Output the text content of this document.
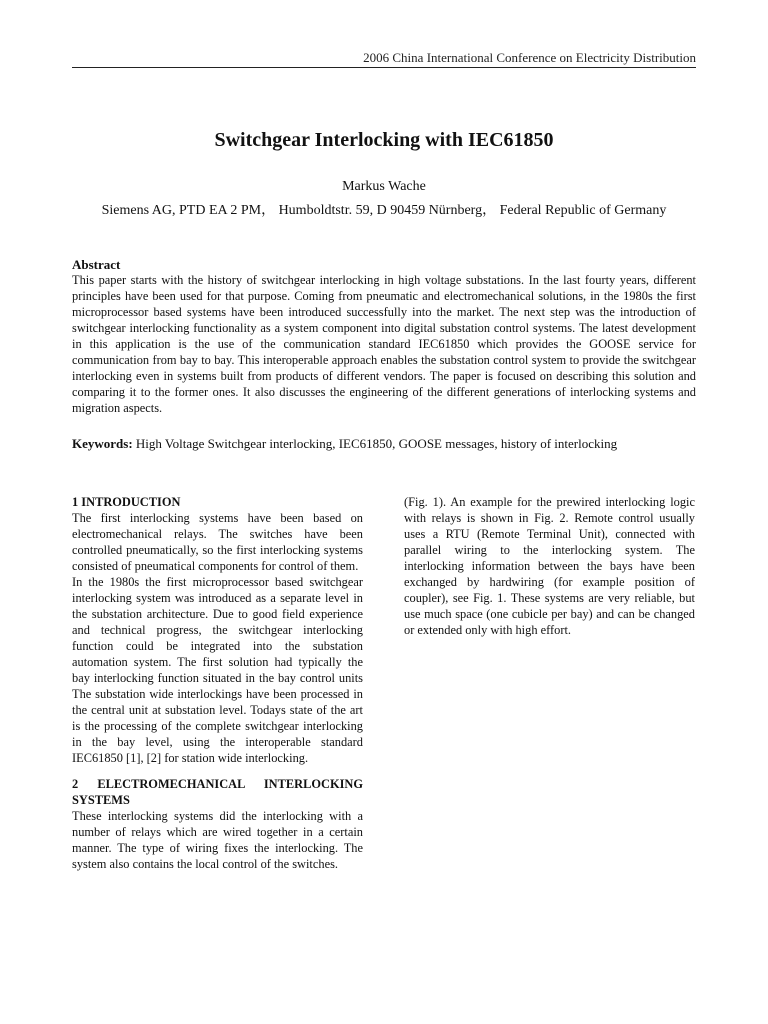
2006 China International Conference on Electricity Distribution
Switchgear Interlocking with IEC61850
Markus Wache
Siemens AG, PTD EA 2 PM， Humboldtstr. 59, D 90459 Nürnberg， Federal Republic of Germany
Abstract

This paper starts with the history of switchgear interlocking in high voltage substations. In the last fourty years, different principles have been used for that purpose. Coming from pneumatic and electromechanical solutions, in the 1980s the first microprocessor based systems have been introduced successfully into the market. The next step was the introduction of switchgear interlocking functionality as a system component into digital substation control systems. The latest development in this application is the use of the communication standard IEC61850 which provides the GOOSE service for communication from bay to bay. This interoperable approach enables the substation control system to provide the switchgear interlocking even in systems built from products of different vendors. The paper is focused on describing this solution and comparing it to the former ones. It also discusses the engineering of the different generations of interlocking systems and migration aspects.

Keywords: High Voltage Switchgear interlocking, IEC61850, GOOSE messages, history of interlocking

1 INTRODUCTION

The first interlocking systems have been based on electromechanical relays. The switches have been controlled pneumatically, so the first interlocking systems consisted of pneumatical components for control of them.

In the 1980s the first microprocessor based switchgear interlocking system was introduced as a separate level in the substation architecture. Due to good field experience and technical progress, the switchgear interlocking function could be integrated into the substation automation system. The first solution had typically the bay interlocking function situated in the bay control units The substation wide interlockings have been processed in the central unit at substation level. Todays state of the art is the processing of the complete switchgear interlocking in the bay level, using the interoperable standard IEC61850 [1], [2] for station wide interlocking.

2 ELECTROMECHANICAL INTERLOCKING SYSTEMS

These interlocking systems did the interlocking with a number of relays which are wired together in a certain manner. The type of wiring fixes the interlocking. The system also contains the local control of the switches.

(Fig. 1). An example for the prewired interlocking logic with relays is shown in Fig. 2. Remote control usually uses a RTU (Remote Terminal Unit), connected with parallel wiring to the interlocking system. The interlocking information between the bays have been exchanged by hardwiring (for example position of coupler), see Fig. 1. These systems are very reliable, but use much space (one cubicle per bay) and can be changed or extended only with high effort.
